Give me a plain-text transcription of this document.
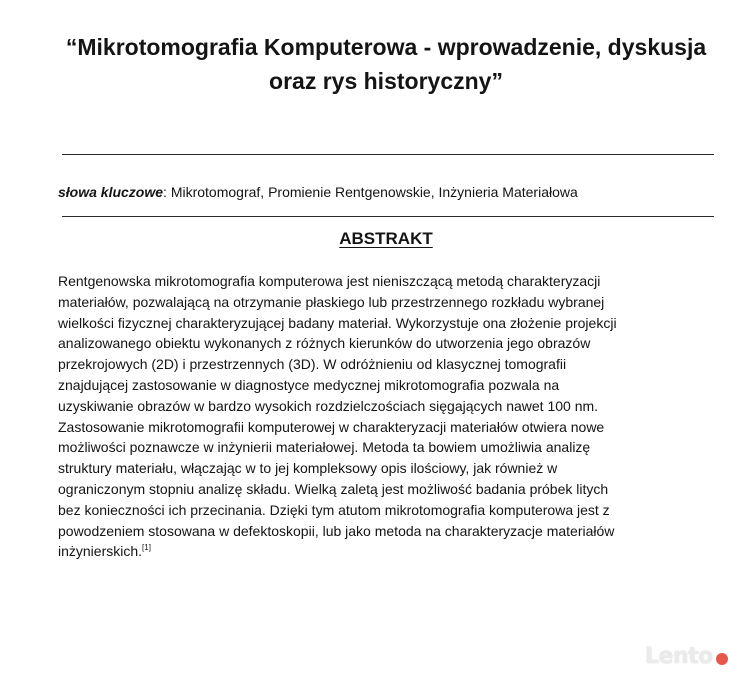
“Mikrotomografia Komputerowa - wprowadzenie, dyskusja oraz rys historyczny”
słowa kluczowe: Mikrotomograf, Promienie Rentgenowskie, Inżynieria Materiałowa
ABSTRAKT
Rentgenowska mikrotomografia komputerowa jest nieniszczącą metodą charakteryzacji
materiałów, pozwalającą na otrzymanie płaskiego lub przestrzennego rozkładu wybranej
wielkości fizycznej charakteryzującej badany materiał. Wykorzystuje ona złożenie projekcji
analizowanego obiektu wykonanych z różnych kierunków do utworzenia jego obrazów
przekrojowych (2D) i przestrzennych (3D). W odróżnieniu od klasycznej tomografii
znajdującej zastosowanie w diagnostyce medycznej mikrotomografia pozwala na
uzyskiwanie obrazów w bardzo wysokich rozdzielczościach sięgających nawet 100 nm.
Zastosowanie mikrotomografii komputerowej w charakteryzacji materiałów otwiera nowe
możliwości poznawcze w inżynierii materiałowej. Metoda ta bowiem umożliwia analizę
struktury materiału, włączając w to jej kompleksowy opis ilościowy, jak również w
ograniczonym stopniu analizę składu. Wielką zaletą jest możliwość badania próbek litych
bez konieczności ich przecinania. Dzięki tym atutom mikrotomografia komputerowa jest z
powodzeniem stosowana w defektoskopii, lub jako metoda na charakteryzacje materiałów
inżynierskich.[1]
Lento
